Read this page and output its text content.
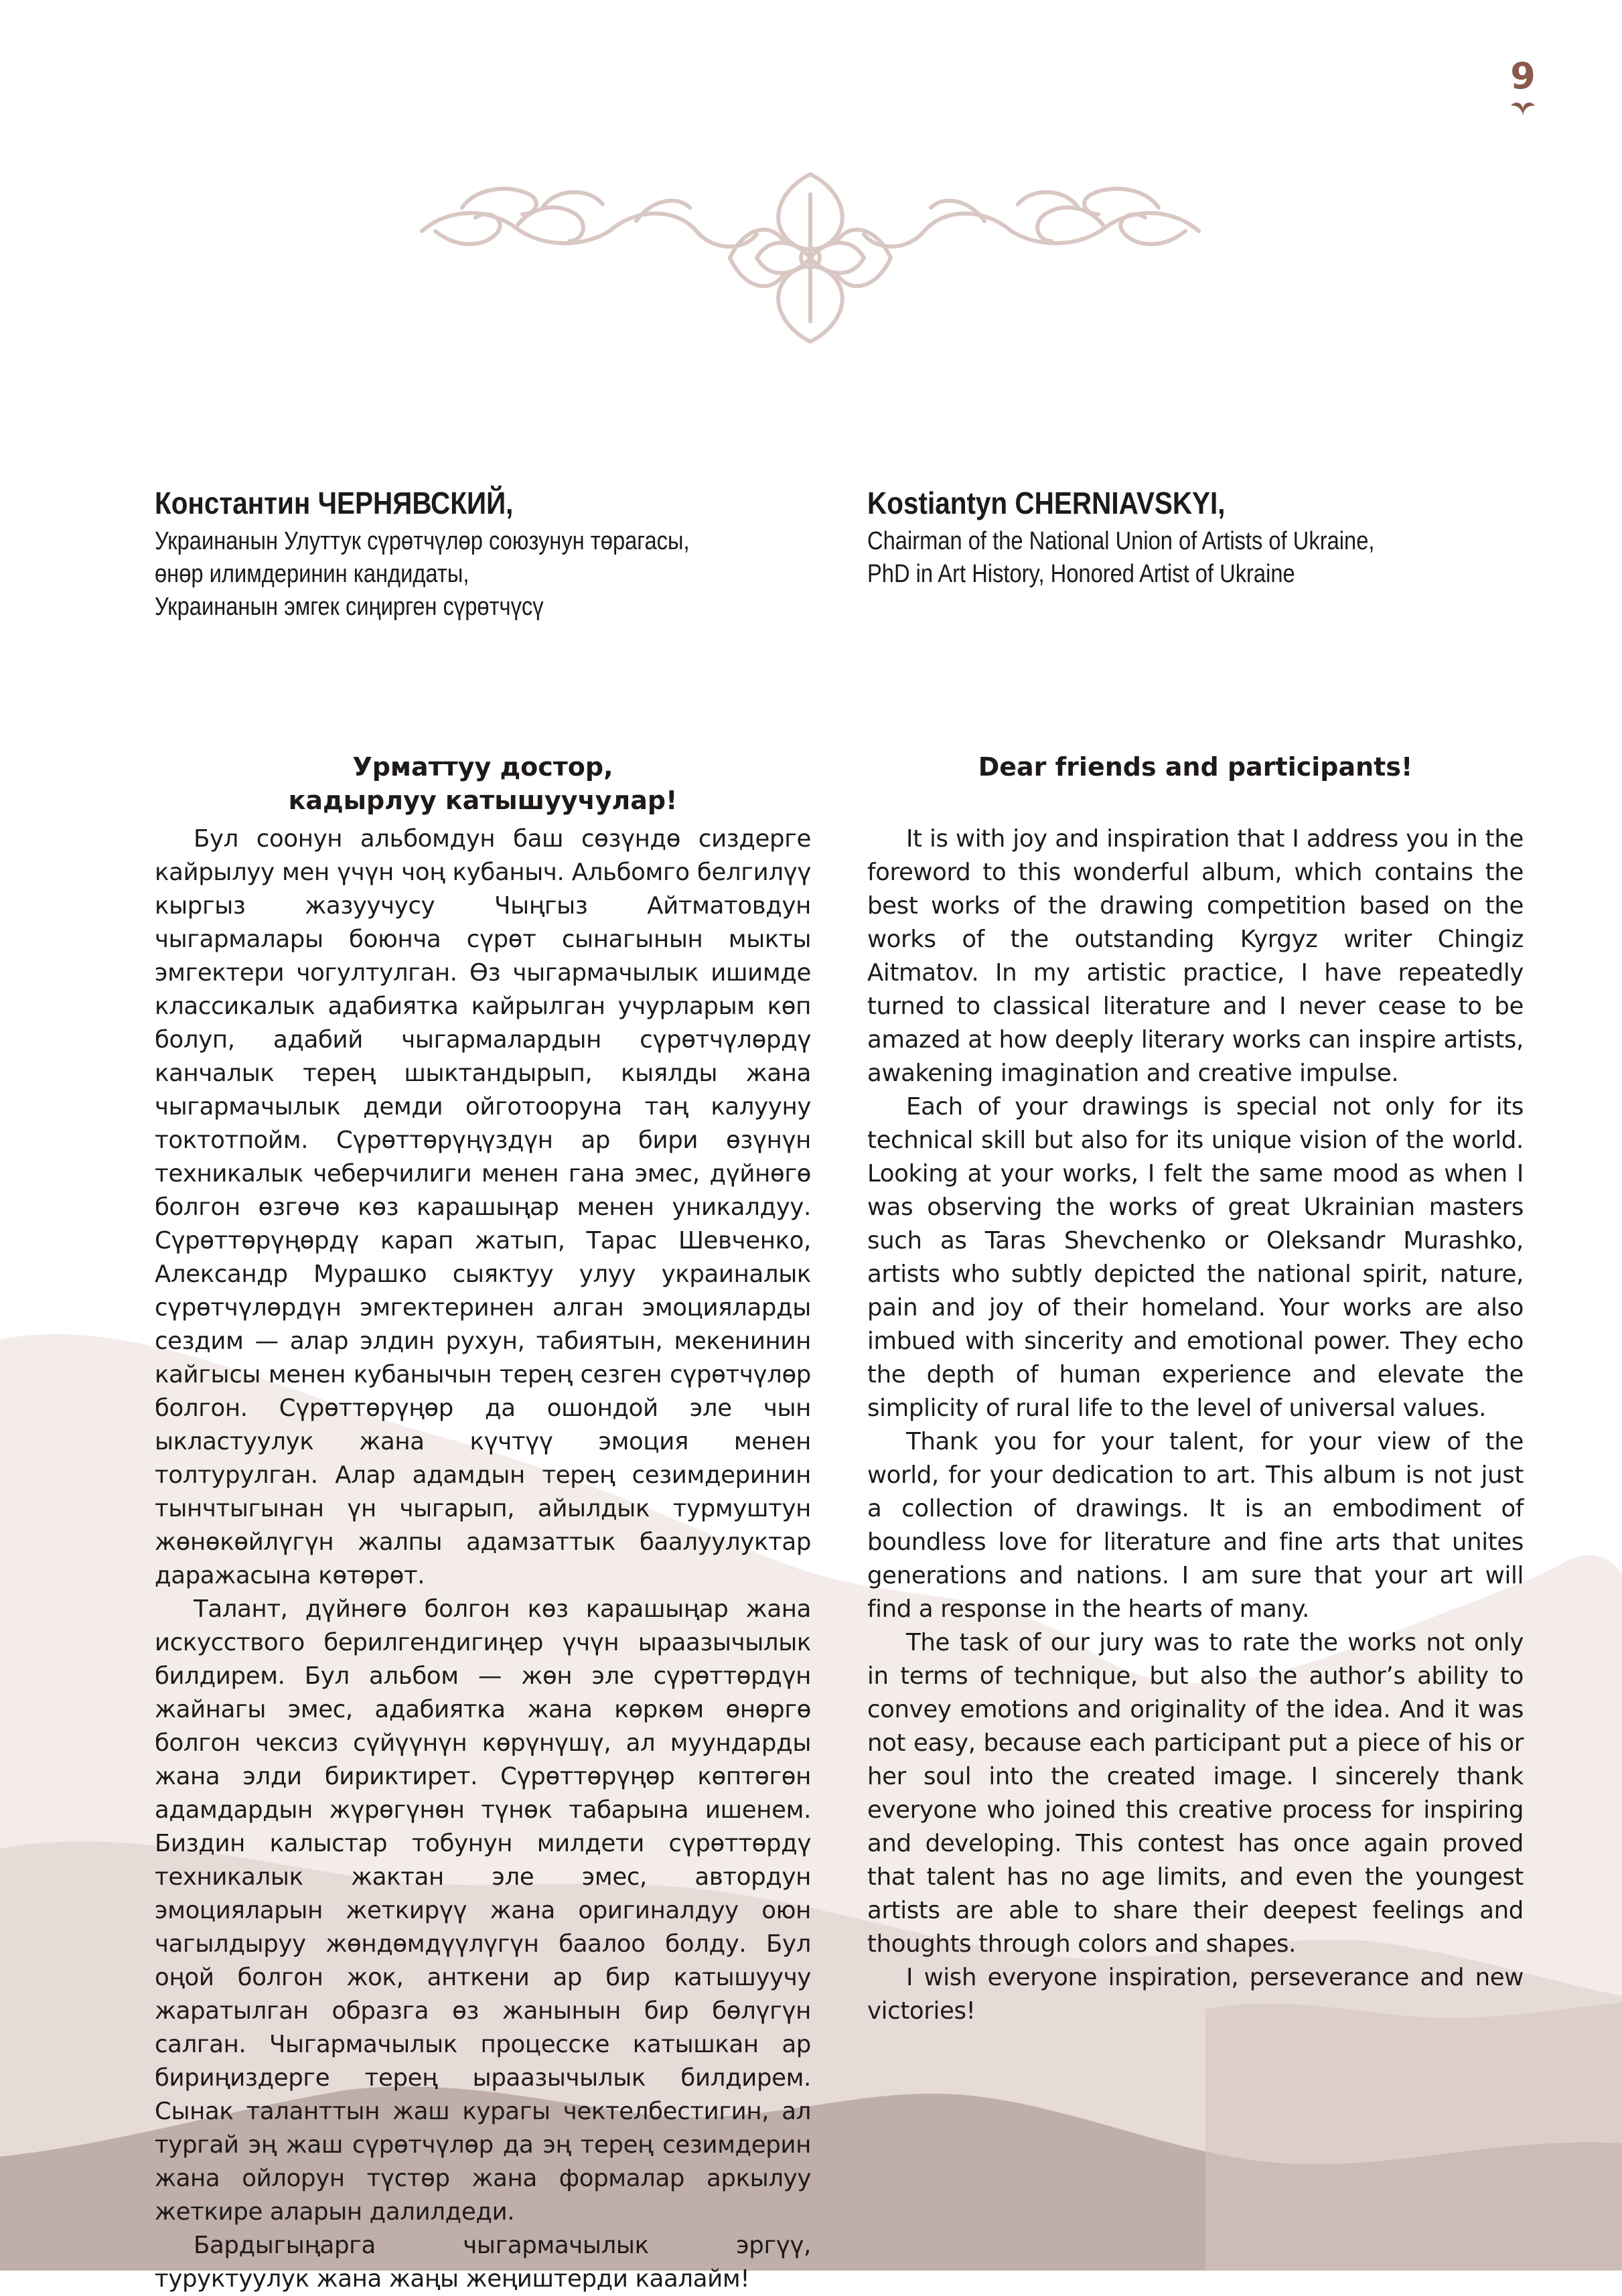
9

Константин ЧЕРНЯВСКИЙ,

Украинанын Улуттук сүрөтчүлөр союзунун төрагасы,

өнөр илимдеринин кандидаты,

Украинанын эмгек сиңирген сүрөтчүсү

Kostiantyn CHERNIAVSKYI,

Chairman of the National Union of Artists of Ukraine,

PhD in Art History, Honored Artist of Ukraine

Урматтуу достор,
кадырлуу катышуучулар!

Бул соонун альбомдун баш сөзүндө сиздерге кайрылуу мен үчүн чоң кубаныч. Альбомго белгилүү кыргыз жазуучусу Чыңгыз Айтматовдун чыгармалары боюнча сүрөт сынагынын мыкты эмгектери чогултулган. Өз чыгармачылык ишимде классикалык адабиятка кайрылган учурларым көп болуп, адабий чыгармалардын сүрөтчүлөрдү канчалык терең шыктандырып, кыялды жана чыгармачылык демди ойготооруна таң калууну токтотпойм. Сүрөттөрүңүздүн ар бири өзүнүн техникалык чеберчилиги менен гана эмес, дүйнөгө болгон өзгөчө көз карашыңар менен уникалдуу. Сүрөттөрүңөрдү карап жатып, Тарас Шевченко, Александр Мурашко сыяктуу улуу украиналык сүрөтчүлөрдүн эмгектеринен алган эмоцияларды сездим — алар элдин рухун, табиятын, мекенинин кайгысы менен кубанычын терең сезген сүрөтчүлөр болгон. Сүрөттөрүңөр да ошондой эле чын ыкластуулук жана күчтүү эмоция менен толтурулган. Алар адамдын терең сезимдеринин тынчтыгынан үн чыгарып, айылдык турмуштун жөнөкөйлүгүн жалпы адамзаттык баалуулуктар даражасына көтөрөт.

Талант, дүйнөгө болгон көз карашыңар жана искусствого берилгендигиңер үчүн ыраазычылык билдирем. Бул альбом — жөн эле сүрөттөрдүн жайнагы эмес, адабиятка жана көркөм өнөргө болгон чексиз сүйүүнүн көрүнүшү, ал муундарды жана элди бириктирет. Сүрөттөрүңөр көптөгөн адамдардын жүрөгүнөн түнөк табарына ишенем. Биздин калыстар тобунун милдети сүрөттөрдү техникалык жактан эле эмес, автордун эмоцияларын жеткирүү жана оригиналдуу оюн чагылдыруу жөндөмдүүлүгүн баалоо болду. Бул оңой болгон жок, анткени ар бир катышуучу жаратылган образга өз жанынын бир бөлүгүн салган. Чыгармачылык процесске катышкан ар бириңиздерге терең ыраазычылык билдирем. Сынак таланттын жаш курагы чектелбестигин, ал тургай эң жаш сүрөтчүлөр да эң терең сезимдерин жана ойлорун түстөр жана формалар аркылуу жеткире аларын далилдеди.

Бардыгыңарга чыгармачылык эргүү, туруктуулук жана жаңы жеңиштерди каалайм!

Dear friends and participants!

It is with joy and inspiration that I address you in the foreword to this wonderful album, which contains the best works of the drawing competition based on the works of the outstanding Kyrgyz writer Chingiz Aitmatov. In my artistic practice, I have repeatedly turned to classical literature and I never cease to be amazed at how deeply literary works can inspire artists, awakening imagination and creative impulse.

Each of your drawings is special not only for its technical skill but also for its unique vision of the world. Looking at your works, I felt the same mood as when I was observing the works of great Ukrainian masters such as Taras Shevchenko or Oleksandr Murashko, artists who subtly depicted the national spirit, nature, pain and joy of their homeland. Your works are also imbued with sincerity and emotional power. They echo the depth of human experience and elevate the simplicity of rural life to the level of universal values.

Thank you for your talent, for your view of the world, for your dedication to art. This album is not just a collection of drawings. It is an embodiment of boundless love for literature and fine arts that unites generations and nations. I am sure that your art will find a response in the hearts of many.

The task of our jury was to rate the works not only in terms of technique, but also the author’s ability to convey emotions and originality of the idea. And it was not easy, because each participant put a piece of his or her soul into the created image. I sincerely thank everyone who joined this creative process for inspiring and developing. This contest has once again proved that talent has no age limits, and even the youngest artists are able to share their deepest feelings and thoughts through colors and shapes.

I wish everyone inspiration, perseverance and new victories!
